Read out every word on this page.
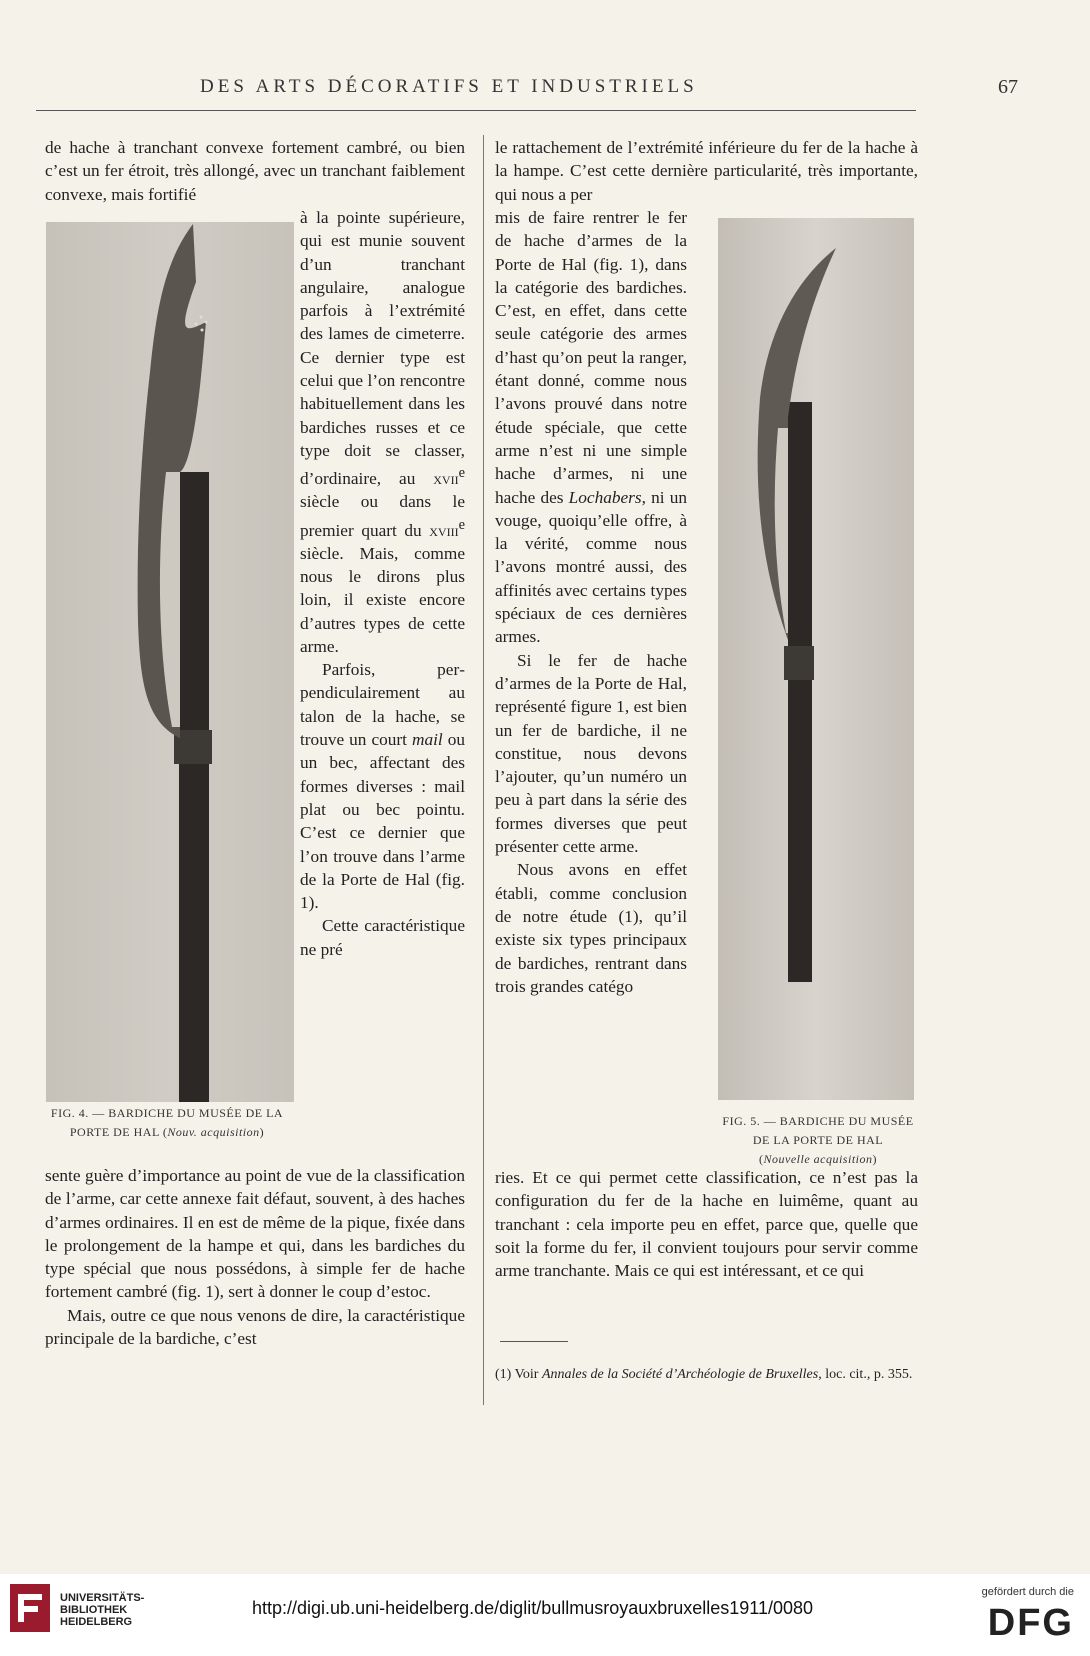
DES ARTS DÉCORATIFS ET INDUSTRIELS	67

de hache à tranchant convexe fortement cambré, ou bien c’est un fer étroit, très allongé, avec un tranchant faiblement convexe, mais fortifié

à la pointe supérieure, qui est munie souvent d’un tranchant angulaire, analogue parfois à l’extrémité des lames de cimeterre. Ce dernier type est celui que l’on rencontre habituellement dans les bardiches russes et ce type doit se classer, d’ordinaire, au xvii$^e$ siècle ou dans le premier quart du xviii$^e$ siècle. Mais, comme nous le dirons plus loin, il existe encore d’autres types de cette arme.

Parfois, perpendiculairement au talon de la hache, se trouve un court mail ou un bec, affectant des formes diverses : mail plat ou bec pointu. C’est ce dernier que l’on trouve dans l’arme de la Porte de Hal (fig. 1).

Cette caractéristique ne pré

FIG. 4. — BARDICHE DU MUSÉE DE LA
PORTE DE HAL (Nouv. acquisition)

sente guère d’importance au point de vue de la classification de l’arme, car cette annexe fait défaut, souvent, à des haches d’armes ordinaires. Il en est de même de la pique, fixée dans le prolongement de la hampe et qui, dans les bardiches du type spécial que nous possédons, à simple fer de hache fortement cambré (fig. 1), sert à donner le coup d’estoc.

Mais, outre ce que nous venons de dire, la caractéristique principale de la bardiche, c’est

le rattachement de l’extrémité inférieure du fer de la hache à la hampe. C’est cette dernière particularité, très importante, qui nous a per

mis de faire rentrer le fer de hache d’armes de la Porte de Hal (fig. 1), dans la catégorie des bardiches. C’est, en effet, dans cette seule catégorie des armes d’hast qu’on peut la ranger, étant donné, comme nous l’avons prouvé dans notre étude spéciale, que cette arme n’est ni une simple hache d’armes, ni une hache des Lochabers, ni un vouge, quoiqu’elle offre, à la vérité, comme nous l’avons montré aussi, des affinités avec certains types spéciaux de ces dernières armes.

Si le fer de hache d’armes de la Porte de Hal, représenté figure 1, est bien un fer de bardiche, il ne constitue, nous devons l’ajouter, qu’un numéro un peu à part dans la série des formes diverses que peut présenter cette arme.

Nous avons en effet établi, comme conclusion de notre étude (1), qu’il existe six types principaux de bardiches, rentrant dans trois grandes catégo

FIG. 5. — BARDICHE DU MUSÉE
DE LA PORTE DE HAL
(Nouvelle acquisition)

ries. Et ce qui permet cette classification, ce n’est pas la configuration du fer de la hache en luimême, quant au tranchant : cela importe peu en effet, parce que, quelle que soit la forme du fer, il convient toujours pour servir comme arme tranchante. Mais ce qui est intéressant, et ce qui

(1) Voir Annales de la Société d’Archéologie de Bruxelles, loc. cit., p. 355.
UNIVERSITÄTS-
BIBLIOTHEK
HEIDELBERG
http://digi.ub.uni-heidelberg.de/diglit/bullmusroyauxbruxelles1911/0080
gefördert durch die
DFG
